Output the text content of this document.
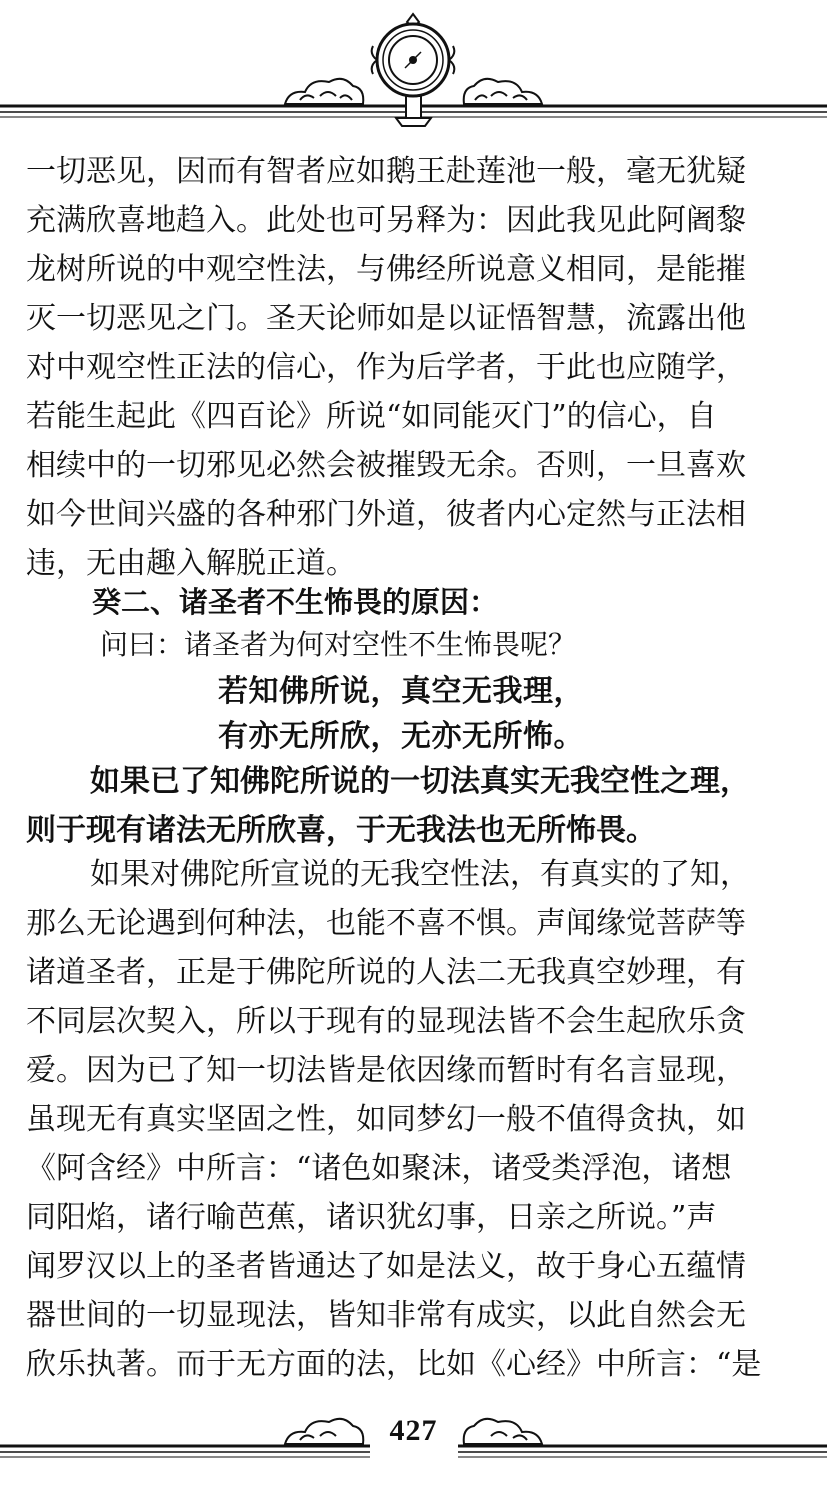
一切恶见，因而有智者应如鹅王赴莲池一般，毫无犹疑
充满欣喜地趋入。此处也可另释为：因此我见此阿阇黎
龙树所说的中观空性法，与佛经所说意义相同，是能摧
灭一切恶见之门。圣天论师如是以证悟智慧，流露出他
对中观空性正法的信心，作为后学者，于此也应随学，
若能生起此《四百论》所说“如同能灭门”的信心，自
相续中的一切邪见必然会被摧毁无余。否则，一旦喜欢
如今世间兴盛的各种邪门外道，彼者内心定然与正法相
违，无由趣入解脱正道。
癸二、诸圣者不生怖畏的原因：
问曰：诸圣者为何对空性不生怖畏呢？
若知佛所说，真空无我理，
有亦无所欣，无亦无所怖。
如果已了知佛陀所说的一切法真实无我空性之理，
则于现有诸法无所欣喜，于无我法也无所怖畏。
如果对佛陀所宣说的无我空性法，有真实的了知，
那么无论遇到何种法，也能不喜不惧。声闻缘觉菩萨等
诸道圣者，正是于佛陀所说的人法二无我真空妙理，有
不同层次契入，所以于现有的显现法皆不会生起欣乐贪
爱。因为已了知一切法皆是依因缘而暂时有名言显现，
虽现无有真实坚固之性，如同梦幻一般不值得贪执，如
《阿含经》中所言：“诸色如聚沫，诸受类浮泡，诸想
同阳焰，诸行喻芭蕉，诸识犹幻事，日亲之所说。”声
闻罗汉以上的圣者皆通达了如是法义，故于身心五蕴情
器世间的一切显现法，皆知非常有成实，以此自然会无
欣乐执著。而于无方面的法，比如《心经》中所言：“是
427
